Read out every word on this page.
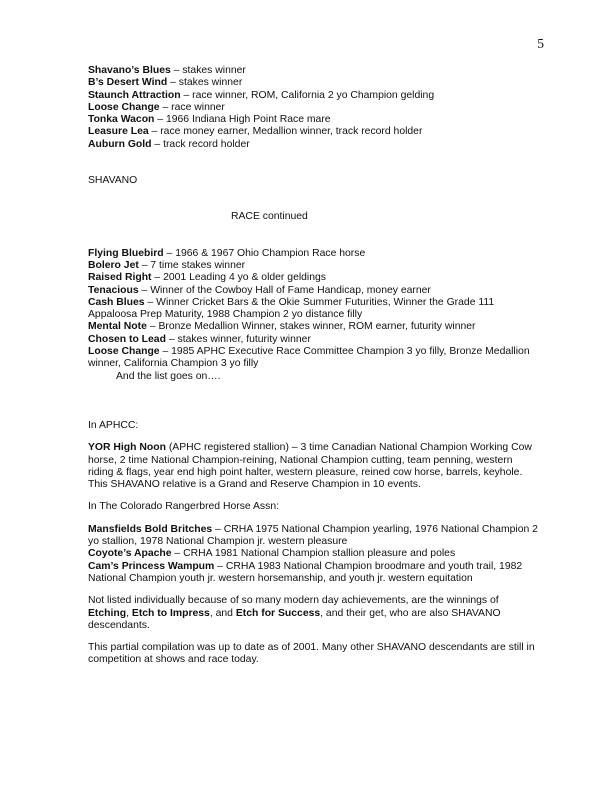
5
Shavano’s Blues – stakes winner
B’s Desert Wind – stakes winner
Staunch Attraction – race winner, ROM, California 2 yo Champion gelding
Loose Change – race winner
Tonka Wacon – 1966 Indiana High Point Race mare
Leasure Lea – race money earner, Medallion winner, track record holder
Auburn Gold – track record holder
SHAVANO
RACE continued
Flying Bluebird – 1966 & 1967 Ohio Champion Race horse
Bolero Jet – 7 time stakes winner
Raised Right – 2001 Leading 4 yo & older geldings
Tenacious – Winner of the Cowboy Hall of Fame Handicap, money earner
Cash Blues – Winner Cricket Bars & the Okie Summer Futurities, Winner the Grade 111 Appaloosa Prep Maturity, 1988 Champion 2 yo distance filly
Mental Note – Bronze Medallion Winner, stakes winner, ROM earner, futurity winner
Chosen to Lead – stakes winner, futurity winner
Loose Change – 1985 APHC Executive Race Committee Champion 3 yo filly, Bronze Medallion winner, California Champion 3 yo filly
And the list goes on….
In APHCC:

YOR High Noon (APHC registered stallion) – 3 time Canadian National Champion Working Cow horse, 2 time National Champion-reining, National Champion cutting, team penning, western riding & flags, year end high point halter, western pleasure, reined cow horse, barrels, keyhole. This SHAVANO relative is a Grand and Reserve Champion in 10 events.

In The Colorado Rangerbred Horse Assn:
Mansfields Bold Britches – CRHA 1975 National Champion yearling, 1976 National Champion 2 yo stallion, 1978 National Champion jr. western pleasure
Coyote’s Apache – CRHA 1981 National Champion stallion pleasure and poles
Cam’s Princess Wampum – CRHA 1983 National Champion broodmare and youth trail, 1982 National Champion youth jr. western horsemanship, and youth jr. western equitation

Not listed individually because of so many modern day achievements, are the winnings of Etching, Etch to Impress, and Etch for Success, and their get, who are also SHAVANO descendants.

This partial compilation was up to date as of 2001. Many other SHAVANO descendants are still in competition at shows and race today.
